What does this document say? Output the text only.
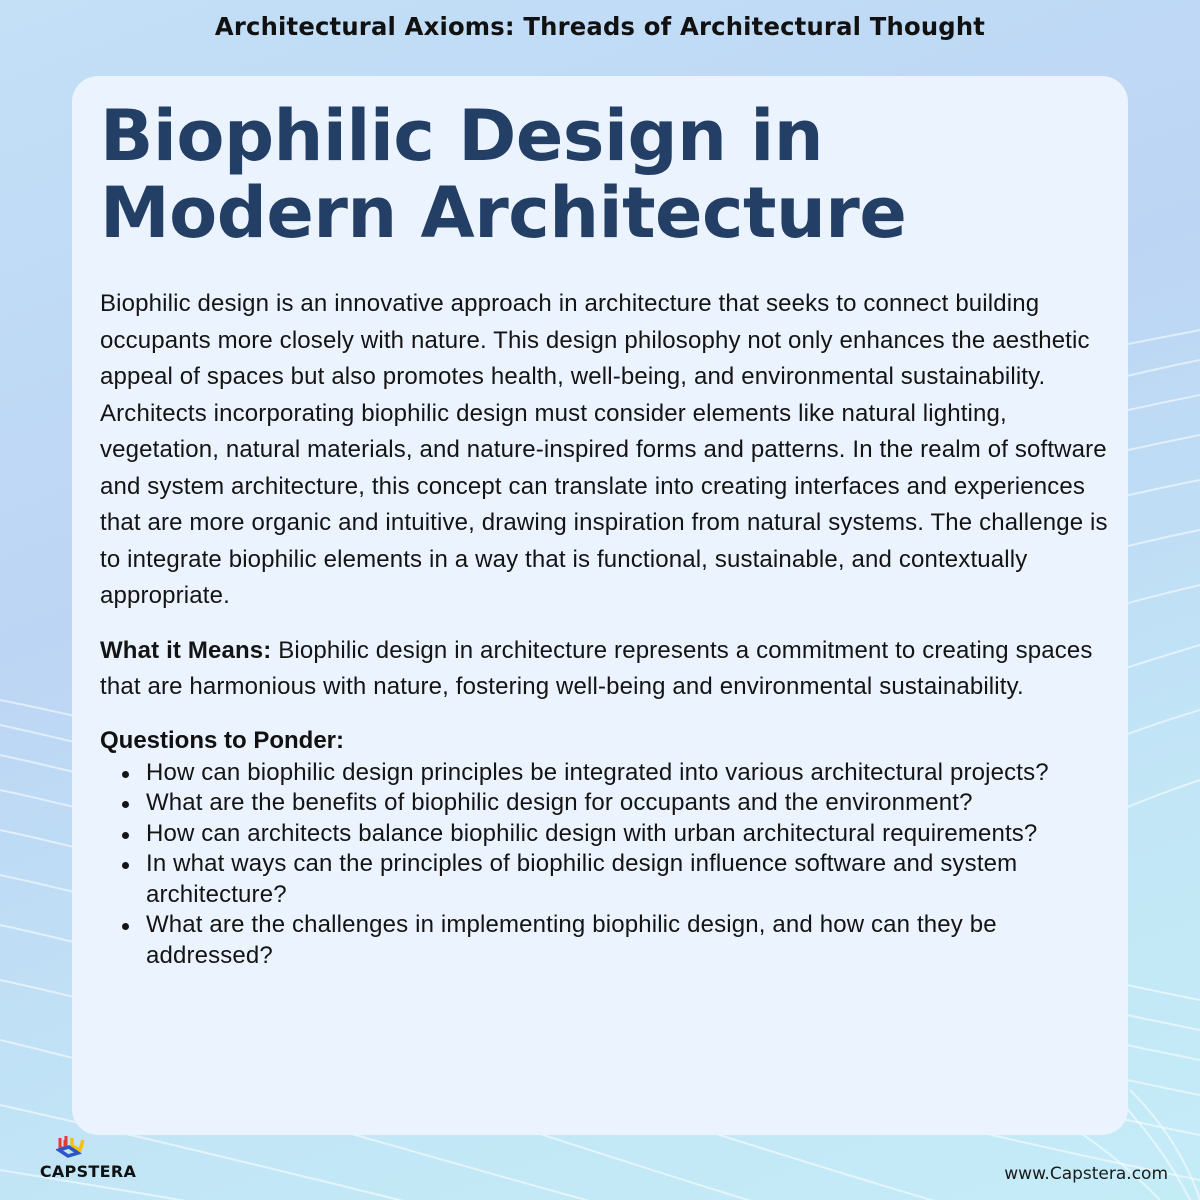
Architectural Axioms: Threads of Architectural Thought
Biophilic Design in Modern Architecture

Biophilic design is an innovative approach in architecture that seeks to connect building occupants more closely with nature. This design philosophy not only enhances the aesthetic appeal of spaces but also promotes health, well-being, and environmental sustainability. Architects incorporating biophilic design must consider elements like natural lighting, vegetation, natural materials, and nature-inspired forms and patterns. In the realm of software and system architecture, this concept can translate into creating interfaces and experiences that are more organic and intuitive, drawing inspiration from natural systems. The challenge is to integrate biophilic elements in a way that is functional, sustainable, and contextually appropriate.

What it Means: Biophilic design in architecture represents a commitment to creating spaces that are harmonious with nature, fostering well-being and environmental sustainability.

Questions to Ponder:
How can biophilic design principles be integrated into various architectural projects?
What are the benefits of biophilic design for occupants and the environment?
How can architects balance biophilic design with urban architectural requirements?
In what ways can the principles of biophilic design influence software and system architecture?
What are the challenges in implementing biophilic design, and how can they be addressed?
CAPSTERA	www.Capstera.com
